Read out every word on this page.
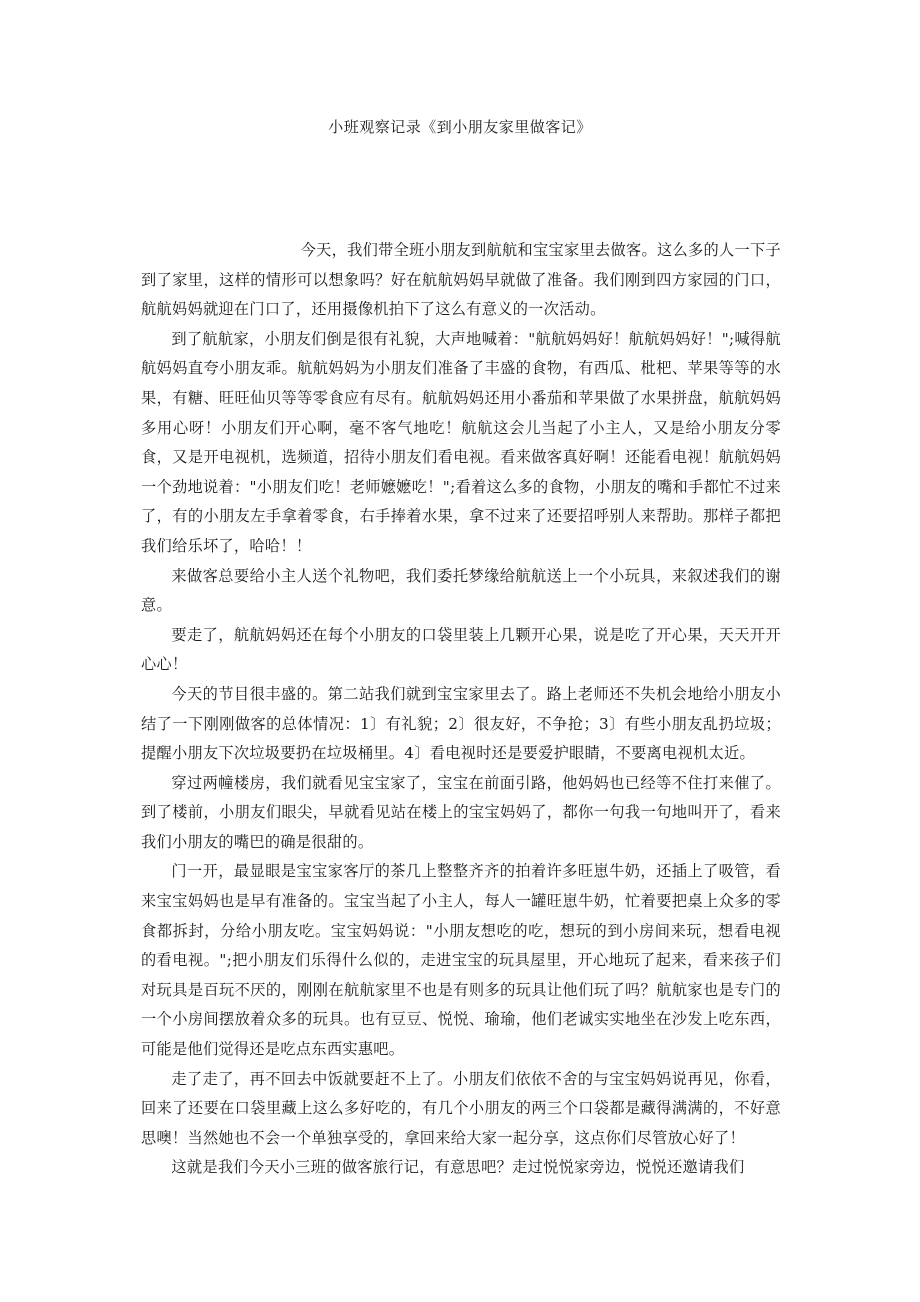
小班观察记录《到小朋友家里做客记》

今天，我们带全班小朋友到航航和宝宝家里去做客。这么多的人一下子到了家里，这样的情形可以想象吗？好在航航妈妈早就做了准备。我们刚到四方家园的门口，航航妈妈就迎在门口了，还用摄像机拍下了这么有意义的一次活动。

到了航航家，小朋友们倒是很有礼貌，大声地喊着："航航妈妈好！航航妈妈好！";喊得航航妈妈直夸小朋友乖。航航妈妈为小朋友们准备了丰盛的食物，有西瓜、枇杷、苹果等等的水果，有糖、旺旺仙贝等等零食应有尽有。航航妈妈还用小番茄和苹果做了水果拼盘，航航妈妈多用心呀！小朋友们开心啊，毫不客气地吃！航航这会儿当起了小主人，又是给小朋友分零食，又是开电视机，选频道，招待小朋友们看电视。看来做客真好啊！还能看电视！航航妈妈一个劲地说着："小朋友们吃！老师嬷嬷吃！";看着这么多的食物，小朋友的嘴和手都忙不过来了，有的小朋友左手拿着零食，右手捧着水果，拿不过来了还要招呼别人来帮助。那样子都把我们给乐坏了，哈哈！！

来做客总要给小主人送个礼物吧，我们委托梦缘给航航送上一个小玩具，来叙述我们的谢意。

要走了，航航妈妈还在每个小朋友的口袋里装上几颗开心果，说是吃了开心果，天天开开心心！

今天的节目很丰盛的。第二站我们就到宝宝家里去了。路上老师还不失机会地给小朋友小结了一下刚刚做客的总体情况：1〕有礼貌；2〕很友好，不争抢；3〕有些小朋友乱扔垃圾；提醒小朋友下次垃圾要扔在垃圾桶里。4〕看电视时还是要爱护眼睛，不要离电视机太近。

穿过两幢楼房，我们就看见宝宝家了，宝宝在前面引路，他妈妈也已经等不住打来催了。到了楼前，小朋友们眼尖，早就看见站在楼上的宝宝妈妈了，都你一句我一句地叫开了，看来我们小朋友的嘴巴的确是很甜的。

门一开，最显眼是宝宝家客厅的茶几上整整齐齐的拍着许多旺崽牛奶，还插上了吸管，看来宝宝妈妈也是早有准备的。宝宝当起了小主人，每人一罐旺崽牛奶，忙着要把桌上众多的零食都拆封，分给小朋友吃。宝宝妈妈说："小朋友想吃的吃，想玩的到小房间来玩，想看电视的看电视。";把小朋友们乐得什么似的，走进宝宝的玩具屋里，开心地玩了起来，看来孩子们对玩具是百玩不厌的，刚刚在航航家里不也是有则多的玩具让他们玩了吗？航航家也是专门的一个小房间摆放着众多的玩具。也有豆豆、悦悦、瑜瑜，他们老诚实实地坐在沙发上吃东西，可能是他们觉得还是吃点东西实惠吧。

走了走了，再不回去中饭就要赶不上了。小朋友们依依不舍的与宝宝妈妈说再见，你看，回来了还要在口袋里藏上这么多好吃的，有几个小朋友的两三个口袋都是藏得满满的，不好意思噢！当然她也不会一个单独享受的，拿回来给大家一起分享，这点你们尽管放心好了！

这就是我们今天小三班的做客旅行记，有意思吧？走过悦悦家旁边，悦悦还邀请我们
